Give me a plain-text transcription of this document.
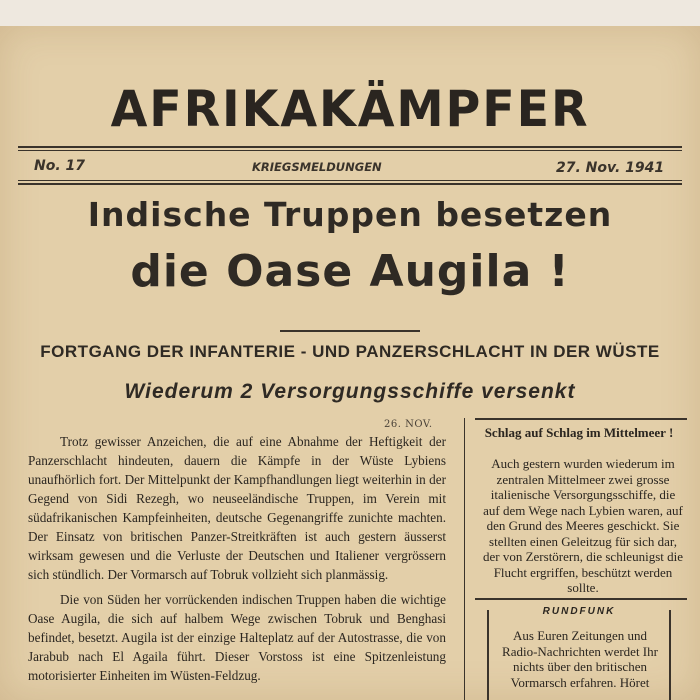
AFRIKAKÄMPFER
No. 17	KRIEGSMELDUNGEN	27. Nov. 1941
Indische Truppen besetzen
die Oase Augila !
FORTGANG DER INFANTERIE - UND PANZERSCHLACHT IN DER WÜSTE
Wiederum 2 Versorgungsschiffe versenkt
26. NOV.

Trotz gewisser Anzeichen, die auf eine Abnahme der Heftigkeit der Panzerschlacht hindeuten, dauern die Kämpfe in der Wüste Lybiens unaufhörlich fort. Der Mittelpunkt der Kampfhandlungen liegt weiterhin in der Gegend von Sidi Rezegh, wo neuseeländische Truppen, im Verein mit südafrikanischen Kampfeinheiten, deutsche Gegenangriffe zunichte machten. Der Einsatz von britischen Panzer-Streitkräften ist auch gestern äusserst wirksam gewesen und die Verluste der Deutschen und Italiener vergrössern sich stündlich. Der Vormarsch auf Tobruk vollzieht sich planmässig.

Die von Süden her vorrückenden indischen Truppen haben die wichtige Oase Augila, die sich auf halbem Wege zwischen Tobruk und Benghasi befindet, besetzt. Augila ist der einzige Halteplatz auf der Autostrasse, die von Jarabub nach El Agaila führt. Dieser Vorstoss ist eine Spitzenleistung motorisierter Einheiten im Wüsten-Feldzug.

Schlag auf Schlag im Mittelmeer !
Auch gestern wurden wiederum im zentralen Mittelmeer zwei grosse italienische Versorgungsschiffe, die auf dem Wege nach Lybien waren, auf den Grund des Meeres geschickt. Sie stellten einen Geleitzug für sich dar, der von Zerstörern, die schleunigst die Flucht ergriffen, beschützt werden sollte.
RUNDFUNK
Aus Euren Zeitungen und Radio-Nachrichten werdet Ihr nichts über den britischen Vormarsch erfahren. Höret
